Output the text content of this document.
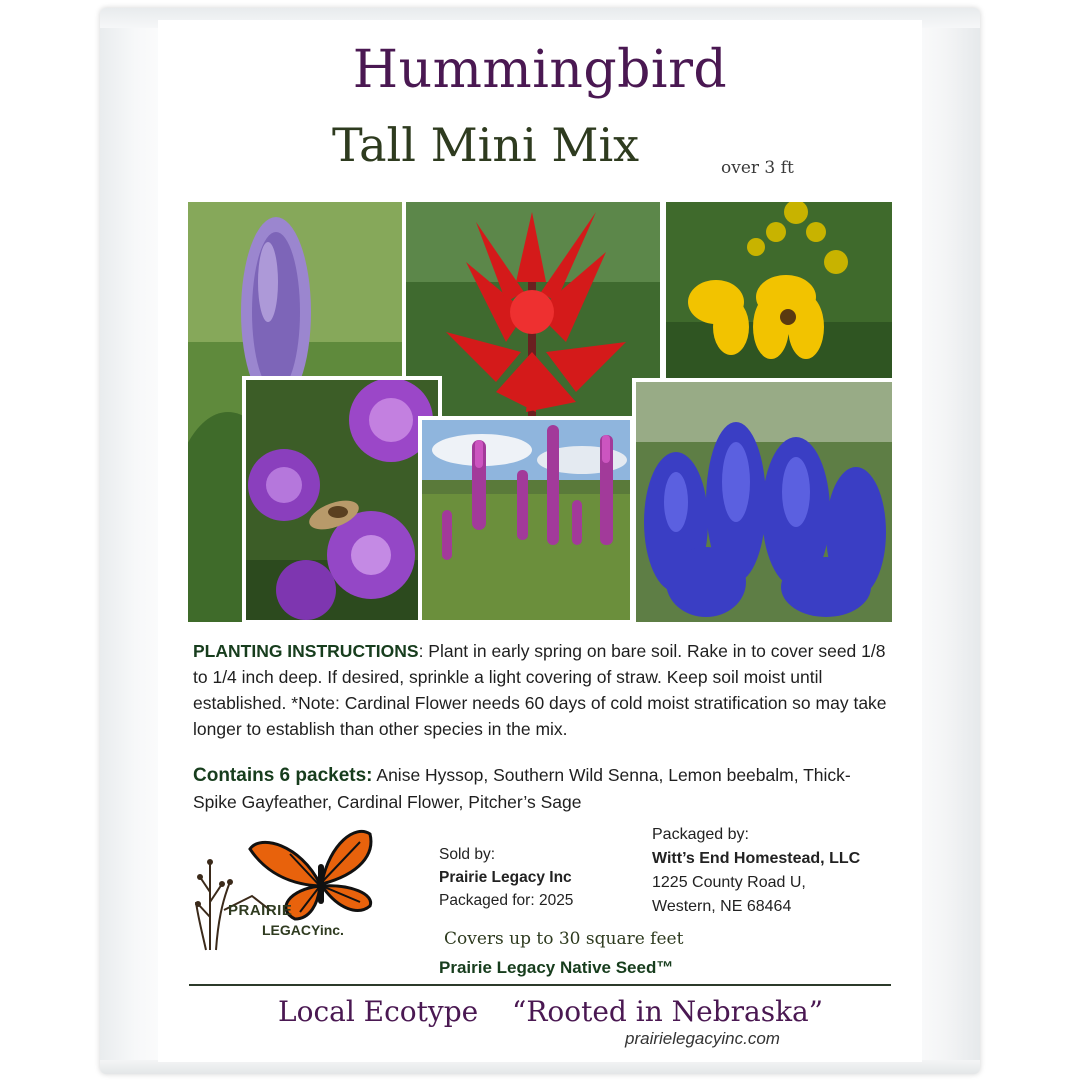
Hummingbird
Tall Mini Mix	over 3 ft
PLANTING INSTRUCTIONS: Plant in early spring on bare soil. Rake in to cover seed 1/8 to 1/4 inch deep. If desired, sprinkle a light covering of straw. Keep soil moist until established. *Note: Cardinal Flower needs 60 days of cold moist stratification so may take longer to establish than other species in the mix.
Contains 6 packets: Anise Hyssop, Southern Wild Senna, Lemon beebalm, Thick-Spike Gayfeather, Cardinal Flower, Pitcher’s Sage
PRAIRIE
LEGACYinc.
Sold by:
Prairie Legacy Inc
Packaged for: 2025
Packaged by:
Witt’s End Homestead, LLC
1225 County Road U,
Western, NE 68464
Covers up to 30 square feet
Prairie Legacy Native Seed™
Local Ecotype “Rooted in Nebraska”
prairielegacyinc.com
